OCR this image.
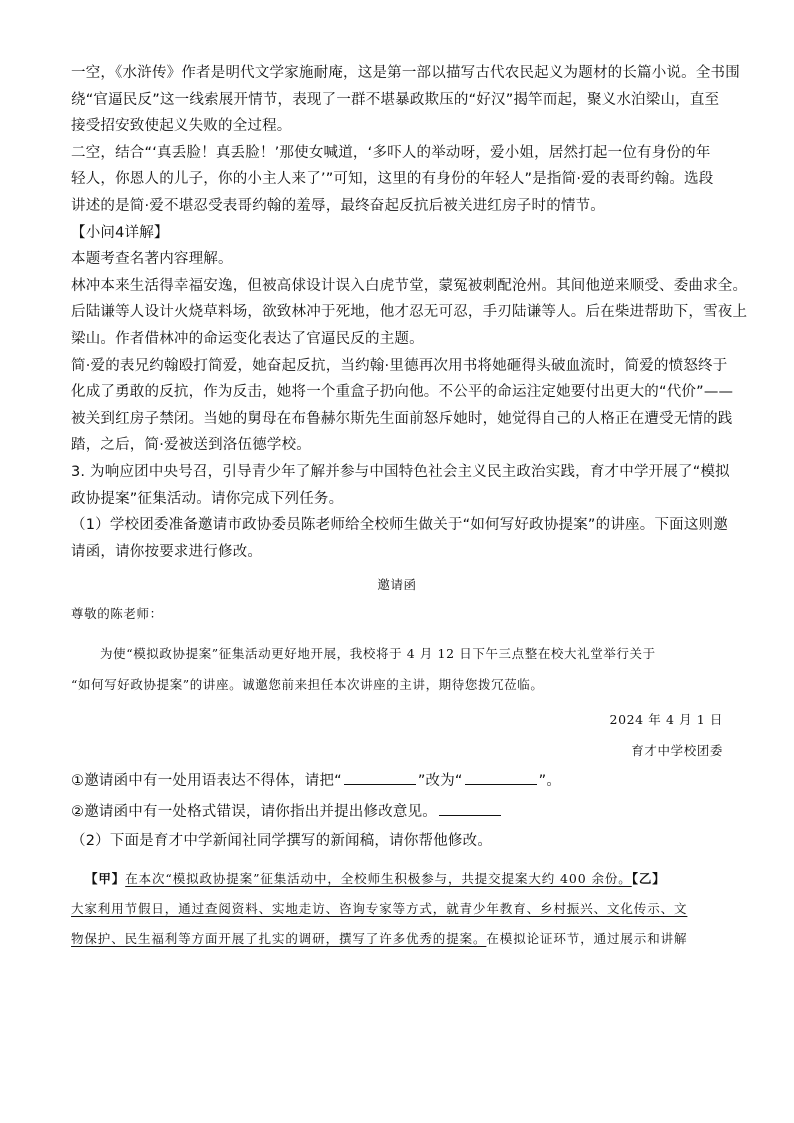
一空，《水浒传》作者是明代文学家施耐庵，这是第一部以描写古代农民起义为题材的长篇小说。全书围
绕“官逼民反”这一线索展开情节，表现了一群不堪暴政欺压的“好汉”揭竿而起，聚义水泊梁山，直至
接受招安致使起义失败的全过程。

二空，结合“‘真丢脸！真丢脸！’那使女喊道，‘多吓人的举动呀，爱小姐，居然打起一位有身份的年
轻人，你恩人的儿子，你的小主人来了’”可知，这里的有身份的年轻人”是指简·爱的表哥约翰。选段
讲述的是简·爱不堪忍受表哥约翰的羞辱，最终奋起反抗后被关进红房子时的情节。

【小问4详解】

本题考查名著内容理解。

林冲本来生活得幸福安逸，但被高俅设计误入白虎节堂，蒙冤被刺配沧州。其间他逆来顺受、委曲求全。
后陆谦等人设计火烧草料场，欲致林冲于死地，他才忍无可忍，手刃陆谦等人。后在柴进帮助下，雪夜上
梁山。作者借林冲的命运变化表达了官逼民反的主题。

简·爱的表兄约翰殴打简爱，她奋起反抗，当约翰·里德再次用书将她砸得头破血流时，简爱的愤怒终于
化成了勇敢的反抗，作为反击，她将一个重盒子扔向他。不公平的命运注定她要付出更大的“代价”——
被关到红房子禁闭。当她的舅母在布鲁赫尔斯先生面前怒斥她时，她觉得自己的人格正在遭受无情的践
踏，之后，简·爱被送到洛伍德学校。

3. 为响应团中央号召，引导青少年了解并参与中国特色社会主义民主政治实践，育才中学开展了“模拟
政协提案”征集活动。请你完成下列任务。

（1）学校团委准备邀请市政协委员陈老师给全校师生做关于“如何写好政协提案”的讲座。下面这则邀
请函，请你按要求进行修改。

邀请函
尊敬的陈老师：
为使“模拟政协提案”征集活动更好地开展，我校将于 4 月 12 日下午三点整在校大礼堂举行关于
“如何写好政协提案”的讲座。诚邀您前来担任本次讲座的主讲，期待您拨冗莅临。
2024 年 4 月 1 日
育才中学校团委

①邀请函中有一处用语表达不得体，请把“	”改为“	”。

②邀请函中有一处格式错误，请你指出并提出修改意见。

（2）下面是育才中学新闻社同学撰写的新闻稿，请你帮他修改。

【甲】在本次“模拟政协提案”征集活动中，全校师生积极参与，共提交提案大约 400 余份。【乙】
大家利用节假日，通过查阅资料、实地走访、咨询专家等方式，就青少年教育、乡村振兴、文化传示、文
物保护、民生福利等方面开展了扎实的调研，撰写了许多优秀的提案。在模拟论证环节，通过展示和讲解
